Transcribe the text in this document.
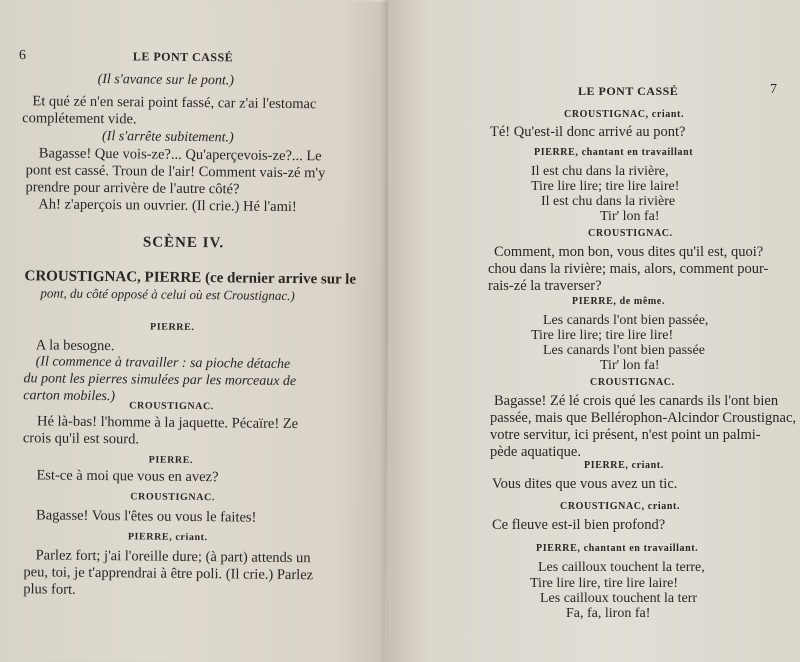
6	LE PONT CASSÉ
(Il s'avance sur le pont.)
Et qué zé n'en serai point fassé, car z'ai l'estomac
complétement vide.
(Il s'arrête subitement.)
Bagasse! Que vois-ze?... Qu'aperçevois-ze?... Le
pont est cassé. Troun de l'air! Comment vais-zé m'y
prendre pour arrivère de l'autre côté?
Ah! z'aperçois un ouvrier. (Il crie.) Hé l'ami!
SCÈNE IV.
CROUSTIGNAC, PIERRE (ce dernier arrive sur le
pont, du côté opposé à celui où est Croustignac.)
PIERRE.
A la besogne.
(Il commence à travailler : sa pioche détache
du pont les pierres simulées par les morceaux de
carton mobiles.)
CROUSTIGNAC.
Hé là-bas! l'homme à la jaquette. Pécaïre! Ze
crois qu'il est sourd.
PIERRE.
Est-ce à moi que vous en avez?
CROUSTIGNAC.
Bagasse! Vous l'êtes ou vous le faites!
PIERRE, criant.
Parlez fort; j'ai l'oreille dure; (à part) attends un
peu, toi, je t'apprendrai à être poli. (Il crie.) Parlez
plus fort.
LE PONT CASSÉ	7
CROUSTIGNAC, criant.
Té! Qu'est-il donc arrivé au pont?
PIERRE, chantant en travaillant
Il est chu dans la rivière,
Tire lire lire; tire lire laire!
Il est chu dans la rivière
Tir' lon fa!
CROUSTIGNAC.
Comment, mon bon, vous dites qu'il est, quoi?
chou dans la rivière; mais, alors, comment pour-
rais-zé la traverser?
PIERRE, de même.
Les canards l'ont bien passée,
Tire lire lire; tire lire lire!
Les canards l'ont bien passée
Tir' lon fa!
CROUSTIGNAC.
Bagasse! Zé lé crois qué les canards ils l'ont bien
passée, mais que Bellérophon-Alcindor Croustignac,
votre servitur, ici présent, n'est point un palmi-
pède aquatique.
PIERRE, criant.
Vous dites que vous avez un tic.
CROUSTIGNAC, criant.
Ce fleuve est-il bien profond?
PIERRE, chantant en travaillant.
Les cailloux touchent la terre,
Tire lire lire, tire lire laire!
Les cailloux touchent la terr
Fa, fa, liron fa!
